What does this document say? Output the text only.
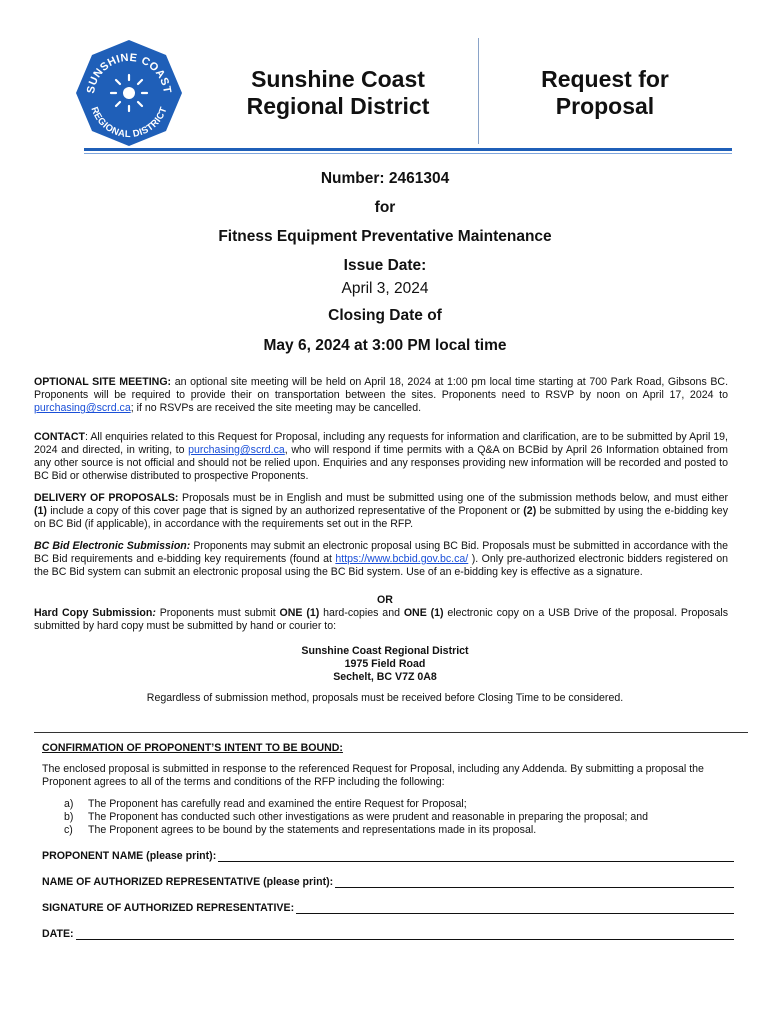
SUNSHINE COAST
REGIONAL DISTRICT
Sunshine Coast
Regional District
Request for
Proposal
Number: 2461304
for
Fitness Equipment Preventative Maintenance
Issue Date:
April 3, 2024
Closing Date of
May 6, 2024 at 3:00 PM local time
OPTIONAL SITE MEETING: an optional site meeting will be held on April 18, 2024 at 1:00 pm local time starting at 700 Park Road, Gibsons BC. Proponents will be required to provide their on transportation between the sites. Proponents need to RSVP by noon on April 17, 2024 to purchasing@scrd.ca; if no RSVPs are received the site meeting may be cancelled.
CONTACT: All enquiries related to this Request for Proposal, including any requests for information and clarification, are to be submitted by April 19, 2024 and directed, in writing, to purchasing@scrd.ca, who will respond if time permits with a Q&A on BCBid by April 26 Information obtained from any other source is not official and should not be relied upon. Enquiries and any responses providing new information will be recorded and posted to BC Bid or otherwise distributed to prospective Proponents.
DELIVERY OF PROPOSALS: Proposals must be in English and must be submitted using one of the submission methods below, and must either (1) include a copy of this cover page that is signed by an authorized representative of the Proponent or (2) be submitted by using the e-bidding key on BC Bid (if applicable), in accordance with the requirements set out in the RFP.
BC Bid Electronic Submission: Proponents may submit an electronic proposal using BC Bid. Proposals must be submitted in accordance with the BC Bid requirements and e-bidding key requirements (found at https://www.bcbid.gov.bc.ca/ ). Only pre-authorized electronic bidders registered on the BC Bid system can submit an electronic proposal using the BC Bid system. Use of an e-bidding key is effective as a signature.
OR
Hard Copy Submission: Proponents must submit ONE (1) hard-copies and ONE (1) electronic copy on a USB Drive of the proposal. Proposals submitted by hard copy must be submitted by hand or courier to:
Sunshine Coast Regional District
1975 Field Road
Sechelt, BC V7Z 0A8
Regardless of submission method, proposals must be received before Closing Time to be considered.
CONFIRMATION OF PROPONENT’S INTENT TO BE BOUND:
The enclosed proposal is submitted in response to the referenced Request for Proposal, including any Addenda. By submitting a proposal the Proponent agrees to all of the terms and conditions of the RFP including the following:
a)	The Proponent has carefully read and examined the entire Request for Proposal;
b)	The Proponent has conducted such other investigations as were prudent and reasonable in preparing the proposal; and
c)	The Proponent agrees to be bound by the statements and representations made in its proposal.
PROPONENT NAME (please print):
NAME OF AUTHORIZED REPRESENTATIVE (please print):
SIGNATURE OF AUTHORIZED REPRESENTATIVE:
DATE:
